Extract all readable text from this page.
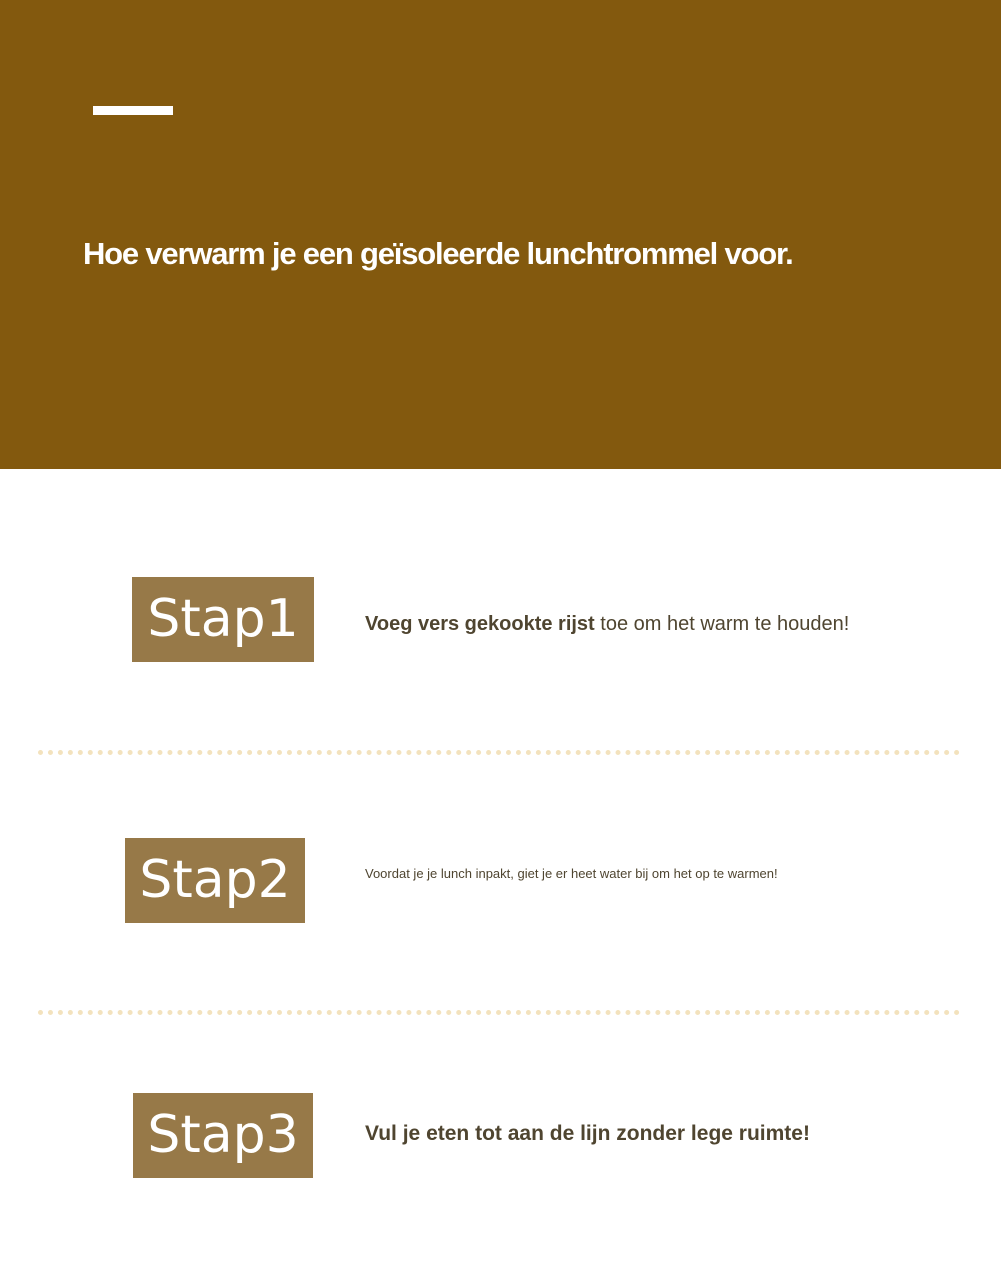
Hoe verwarm je een geïsoleerde lunchtrommel voor.
Stap1	Voeg vers gekookte rijst toe om het warm te houden!
Stap2	Voordat je je lunch inpakt, giet je er heet water bij om het op te warmen!
Stap3	Vul je eten tot aan de lijn zonder lege ruimte!
